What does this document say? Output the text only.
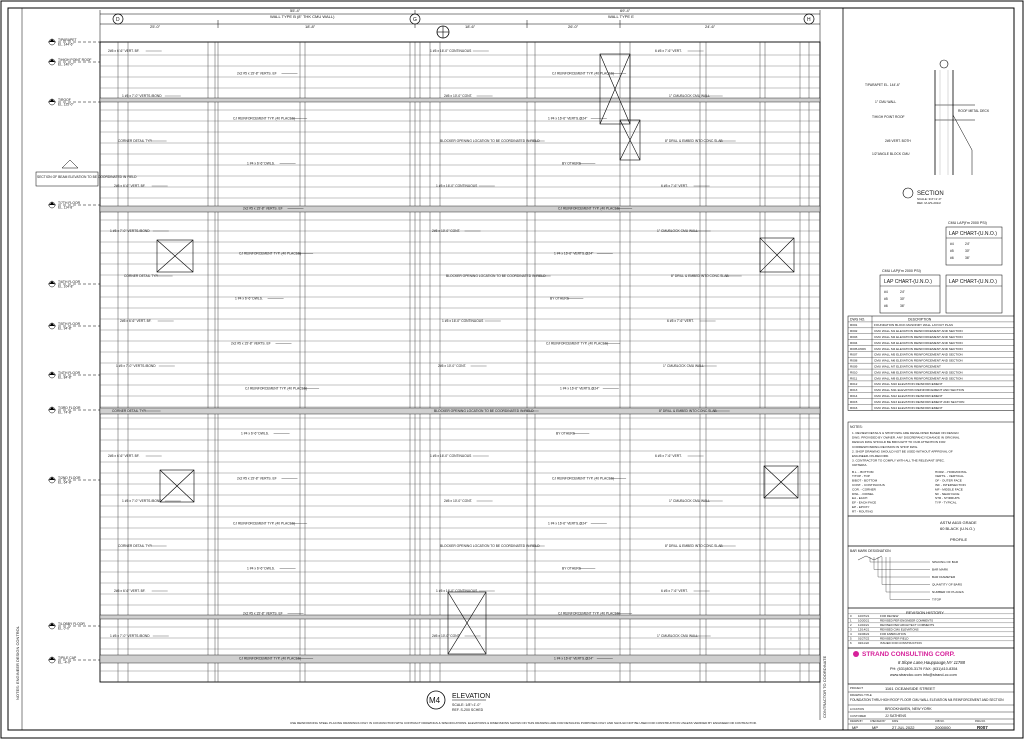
NOTES: ENGINEER DESIGN CONTROL	CONTRACTOR TO COORDINATE
55'-4"
WALL TYPE B (8" THK CMU WALL)
69'-4"
WALL TYPE E
25'-0"	18'-8"	18'-6"	26'-0"	24'-6"
D	G	H
2#5 x 6'-6" VERT. BF.	1 #5 x 16'-0" CONTINUOUS	6 #5 x 7'-6" VERT.
2x2 #5 x 15'-8" VERTS. EF	CJ REINFORCEMENT TYP. (40 PLACES)
1 #5 x 7'-0" VERTS./BOND	2#5 x 10'-0" CONT.	1'' CMUBLOCK CMU WALL
CJ REINFORCEMENT TYP. (40 PLACES)	1 #4 x 16'-6" VERTS.@24"
CORNER DETAIL TYP.	BLOCKER OPENING LOCATION TO BE COORDINATED IN FIELD	8" DRILL & EMBED INTO CONC.SLAB
1 #4 x 6'-6" DWLS.	BY OTHERS
2#5 x 6'-6" VERT. BF.	1 #5 x 16'-0" CONTINUOUS	6 #5 x 7'-6" VERT.
2x2 #5 x 15'-8" VERTS. EF	CJ REINFORCEMENT TYP. (40 PLACES)
1 #5 x 7'-0" VERTS./BOND	2#5 x 10'-0" CONT.	1'' CMUBLOCK CMU WALL
CJ REINFORCEMENT TYP. (40 PLACES)	1 #4 x 16'-6" VERTS.@24"
CORNER DETAIL TYP.	BLOCKER OPENING LOCATION TO BE COORDINATED IN FIELD	8" DRILL & EMBED INTO CONC.SLAB
1 #4 x 6'-6" DWLS.	BY OTHERS
2#5 x 6'-6" VERT. BF.	1 #5 x 16'-0" CONTINUOUS	6 #5 x 7'-6" VERT.
2x2 #5 x 15'-8" VERTS. EF	CJ REINFORCEMENT TYP. (40 PLACES)
1 #5 x 7'-0" VERTS./BOND	2#5 x 10'-0" CONT.	1'' CMUBLOCK CMU WALL
CJ REINFORCEMENT TYP. (40 PLACES)	1 #4 x 16'-6" VERTS.@24"
CORNER DETAIL TYP.	BLOCKER OPENING LOCATION TO BE COORDINATED IN FIELD	8" DRILL & EMBED INTO CONC.SLAB
1 #4 x 6'-6" DWLS.	BY OTHERS
2#5 x 6'-6" VERT. BF.	1 #5 x 16'-0" CONTINUOUS	6 #5 x 7'-6" VERT.
2x2 #5 x 15'-8" VERTS. EF	CJ REINFORCEMENT TYP. (40 PLACES)
1 #5 x 7'-0" VERTS./BOND	2#5 x 10'-0" CONT.	1'' CMUBLOCK CMU WALL
CJ REINFORCEMENT TYP. (40 PLACES)	1 #4 x 16'-6" VERTS.@24"
CORNER DETAIL TYP.	BLOCKER OPENING LOCATION TO BE COORDINATED IN FIELD	8" DRILL & EMBED INTO CONC.SLAB
1 #4 x 6'-6" DWLS.	BY OTHERS
2#5 x 6'-6" VERT. BF.	1 #5 x 16'-0" CONTINUOUS	6 #5 x 7'-6" VERT.
2x2 #5 x 15'-8" VERTS. EF	CJ REINFORCEMENT TYP. (40 PLACES)
1 #5 x 7'-0" VERTS./BOND	2#5 x 10'-0" CONT.	1'' CMUBLOCK CMU WALL
CJ REINFORCEMENT TYP. (40 PLACES)	1 #4 x 16'-6" VERTS.@24"
T/PARAPET
EL. 144'-6"
T/HIGH POINT ROOF
EL. 140'-0"
T/ROOF
EL. 125'-0"
T/7TH FLOOR
EL. 114'-8"
T/6TH FLOOR
EL. 104'-8"
T/5TH FLOOR
EL. 94'-8"
T/4TH FLOOR
EL. 84'-8"
T/3RD FLOOR
EL. 74'-8"
T/2ND FLOOR
EL. 64'-8"
T/LOBBY FLOOR
EL. 0'-0"
T/PILE CAP
EL. -4'-0"
SECTION OF BEAM ELEVATION TO BE COORDINATED IN FIELD
M4 ELEVATION
SCALE: 1/8"=1'-0"
REF. S-200 SCHED
USE REINFORCING STEEL PLACING DRAWINGS ONLY IN CONJUNCTION WITH CONTRACT DRAWINGS & SPECIFICATIONS. ELEVATIONS & DIMENSIONS SHOWN ON THIS DRAWING ARE FOR DETAILING PURPOSES ONLY AND SHOULD NOT BE USED FOR CONSTRUCTION UNLESS VERIFIED BY ENGINEER OR CONTRACTOR.
SECTION
SCALE: 3/4"=1'-0"
REF. M-4/S-201/2
T/PARAPET EL. 144'-6"
1" CMU WALL
T/HIGH POINT ROOF
ROOF METAL DECK
2#5 VERT. BOTH
1/2"ANGLE BLOCK CMU
CMU LAP(f'm 2000 PSI)
LAP CHART-(U.N.O.)
#4	24"
#5	30"
#6	36"
CMU LAP(f'm 2000 PSI)
LAP CHART-(U.N.O.)
#4	24"
#5	30"
#6	36"
LAP CHART-(U.N.O.)
DWG NO.	DESCRIPTION
R001	FOUNDATION BLOCK MASONRY WALL LAYOUT PLAN
R002	CMU WALL M1 ELEVATION REINFORCEMENT AND SECTION
R003	CMU WALL M2 ELEVATION REINFORCEMENT AND SECTION
R004	CMU WALL M3 ELEVATION REINFORCEMENT AND SECTION
R005-R006	CMU WALL M4 ELEVATION REINFORCEMENT AND SECTION
R007	CMU WALL M5 ELEVATION REINFORCEMENT AND SECTION
R008	CMU WALL M6 ELEVATION REINFORCEMENT AND SECTION
R009	CMU WALL M7 ELEVATION REINFORCEMENT
R010	CMU WALL M8 ELEVATION REINFORCEMENT AND SECTION
R011	CMU WALL M9 ELEVATION REINFORCEMENT AND SECTION
R012	CMU WALL M10 ELEVATION REINFORCEMENT
R013	CMU WALL M11 ELEVATION REINFORCEMENT AND SECTION
R014	CMU WALL M12 ELEVATION REINFORCEMENT
R015	CMU WALL M13 ELEVATION REINFORCEMENT AND SECTION
R016	CMU WALL M14 ELEVATION REINFORCEMENT
NOTES:
1. REVIEW DETAILS & SHOP DWG ARE DEVELOPED BASED ON DESIGN
DWG. PROVIDED BY OWNER. ANY DISCREPANCY/CHANGE IN ORIGINAL
DESIGN DWG SHOULD BE BROUGHT TO OUR ATTENTION FOR
CORRESPONDING REVISION IN SHOP DWG.
2. SHOP DRAWING SHOULD NOT BE USED WITHOUT APPROVAL OF
ENGINEER-ON-RECORD.
3. CONTRACTOR TO COMPLY WITH ALL THE RELEVANT SPEC.
CRITERIA.
B.L. - BOTTOM
T/TOP - TOP
B/BOT - BOTTOM
CONT. - CONTINUOUS
COR. - CORNER
DWL. - DOWEL
EA - EACH
EF - EACH FACE
EP - EPOXY
RT - ROUTING
HORZ. - HORIZONTAL
VERTS. - VERTICAL
OF - OUTER FACE
INF - INTERSECTION
MF - MIDDLE FACE
NF - NEAR FACE
STR - STIRRUPS
TYP - TYPICAL
ASTM A615 GRADE
60 BLACK (U.N.O.)
PROFILE
BAR MARK DESIGNATION
SPACING OF BAR
BAR MARK
BAR DIAMETER
QUANTITY OF BARS
NUMBER OF PLACES
T/TOP
REVISION HISTORY
0 10/07/21	FOR REVIEW
1 10/20/21	REVISED PER ENGINEER COMMENTS
2 11/04/21	REVISED PER ARCHITECT COMMENTS
3 12/14/21	REVISED CMU ELEVATIONS
4 01/06/22	FOR FABRICATION
5 01/27/22	REVISED PER FIELD
6 02/11/22	ISSUED FOR CONSTRUCTION
STRAND CONSULTING CORP.
8 Slope Lane,Hauppauge,NY 11788
PH: (631)805-3179 FAX: (631)410-8354
www.strandcc.com Info@strand-cc.com
PROJECT	1161 OCEANSIDE STREET
DRAWING TITLE
FOUNDATION THRU HIGH ROOF FLOOR CMU WALL ELEVATION M4 REINFORCEMENT AND SECTION
LOCATION	BROOKHAVEN, NEW YORK
CUSTOMER	JJ SATHENS
DRAWN BY	CHECKED BY	DATE	JOB NO.	DWG NO.
MP	MP	27 JUL 2022	2000000	R007
